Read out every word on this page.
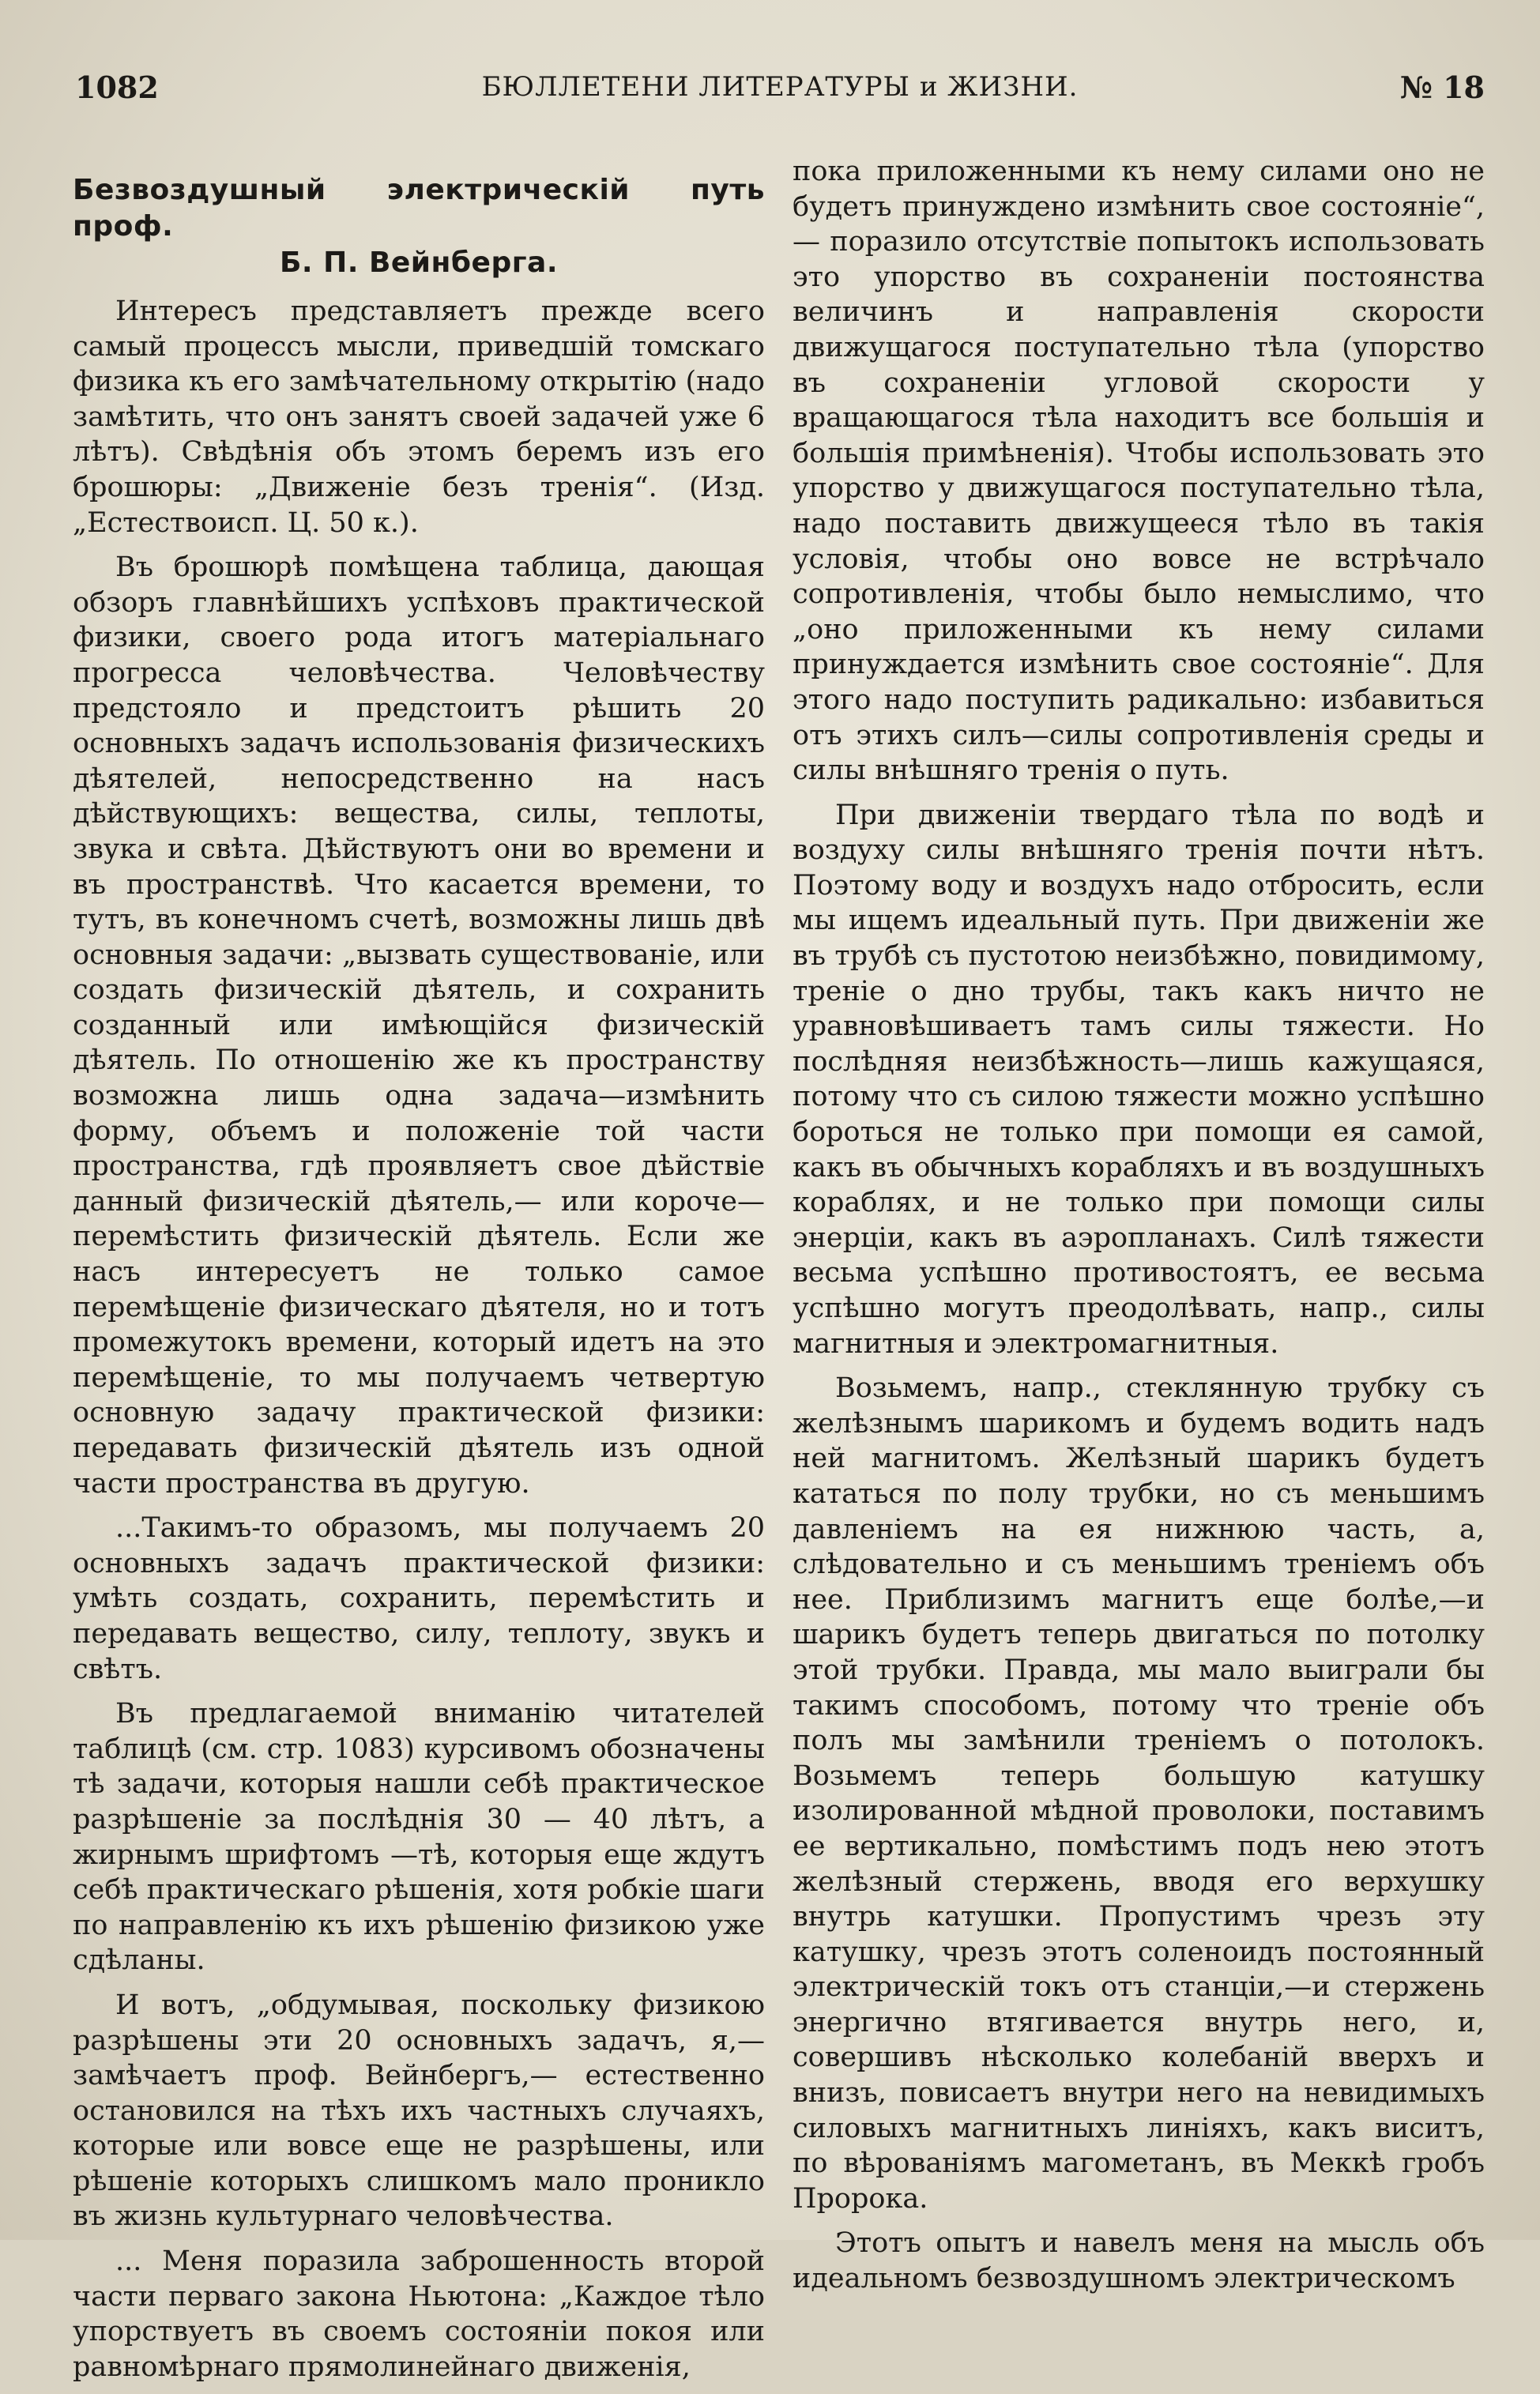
1082	БЮЛЛЕТЕНИ ЛИТЕРАТУРЫ и ЖИЗНИ.	№ 18
Безвоздушный электрическій путь проф.
Б. П. Вейнберга.

Интересъ представляетъ прежде всего самый процессъ мысли, приведшій томскаго физика къ его замѣчательному открытію (надо замѣтить, что онъ занятъ своей задачей уже 6 лѣтъ). Свѣдѣнія объ этомъ беремъ изъ его брошюры: „Движеніе безъ тренія“. (Изд. „Естествоисп. Ц. 50 к.).

Въ брошюрѣ помѣщена таблица, дающая обзоръ главнѣйшихъ успѣховъ практической физики, своего рода итогъ матеріальнаго прогресса человѣчества. Человѣчеству предстояло и предстоитъ рѣшить 20 основныхъ задачъ использованія физическихъ дѣятелей, непосредственно на насъ дѣйствующихъ: вещества, силы, теплоты, звука и свѣта. Дѣйствуютъ они во времени и въ пространствѣ. Что касается времени, то тутъ, въ конечномъ счетѣ, возможны лишь двѣ основныя задачи: „вызвать существованіе, или создать физическій дѣятель, и сохранить созданный или имѣющійся физическій дѣятель. По отношенію же къ пространству возможна лишь одна задача—измѣнить форму, объемъ и положеніе той части пространства, гдѣ проявляетъ свое дѣйствіе данный физическій дѣятель,— или короче—перемѣстить физическій дѣятель. Если же насъ интересуетъ не только самое перемѣщеніе физическаго дѣятеля, но и тотъ промежутокъ времени, который идетъ на это перемѣщеніе, то мы получаемъ четвертую основную задачу практической физики: передавать физическій дѣятель изъ одной части пространства въ другую.

...Такимъ-то образомъ, мы получаемъ 20 основныхъ задачъ практической физики: умѣть создать, сохранить, перемѣстить и передавать вещество, силу, теплоту, звукъ и свѣтъ.

Въ предлагаемой вниманію читателей таблицѣ (см. стр. 1083) курсивомъ обозначены тѣ задачи, которыя нашли себѣ практическое разрѣшеніе за послѣднія 30 — 40 лѣтъ, а жирнымъ шрифтомъ —тѣ, которыя еще ждутъ себѣ практическаго рѣшенія, хотя робкіе шаги по направленію къ ихъ рѣшенію физикою уже сдѣланы.

И вотъ, „обдумывая, поскольку физикою разрѣшены эти 20 основныхъ задачъ, я,—замѣчаетъ проф. Вейнбергъ,— естественно остановился на тѣхъ ихъ частныхъ случаяхъ, которые или вовсе еще не разрѣшены, или рѣшеніе которыхъ слишкомъ мало проникло въ жизнь культурнаго человѣчества.

... Меня поразила заброшенность второй части перваго закона Ньютона: „Каждое тѣло упорствуетъ въ своемъ состояніи покоя или равномѣрнаго прямолинейнаго движенія,

пока приложенными къ нему силами оно не будетъ принуждено измѣнить свое состояніе“,— поразило отсутствіе попытокъ использовать это упорство въ сохраненіи постоянства величинъ и направленія скорости движущагося поступательно тѣла (упорство въ сохраненіи угловой скорости у вращающагося тѣла находитъ все большія и большія примѣненія). Чтобы использовать это упорство у движущагося поступательно тѣла, надо поставить движущееся тѣло въ такія условія, чтобы оно вовсе не встрѣчало сопротивленія, чтобы было немыслимо, что „оно приложенными къ нему силами принуждается измѣнить свое состояніе“. Для этого надо поступить радикально: избавиться отъ этихъ силъ—силы сопротивленія среды и силы внѣшняго тренія о путь.

При движеніи твердаго тѣла по водѣ и воздуху силы внѣшняго тренія почти нѣтъ. Поэтому воду и воздухъ надо отбросить, если мы ищемъ идеальный путь. При движеніи же въ трубѣ съ пустотою неизбѣжно, повидимому, треніе о дно трубы, такъ какъ ничто не уравновѣшиваетъ тамъ силы тяжести. Но послѣдняя неизбѣжность—лишь кажущаяся, потому что съ силою тяжести можно успѣшно бороться не только при помощи ея самой, какъ въ обычныхъ корабляхъ и въ воздушныхъ кораблях, и не только при помощи силы энерціи, какъ въ аэропланахъ. Силѣ тяжести весьма успѣшно противостоятъ, ее весьма успѣшно могутъ преодолѣвать, напр., силы магнитныя и электромагнитныя.

Возьмемъ, напр., стеклянную трубку съ желѣзнымъ шарикомъ и будемъ водить надъ ней магнитомъ. Желѣзный шарикъ будетъ кататься по полу трубки, но съ меньшимъ давленіемъ на ея нижнюю часть, а, слѣдовательно и съ меньшимъ треніемъ объ нее. Приблизимъ магнитъ еще болѣе,—и шарикъ будетъ теперь двигаться по потолку этой трубки. Правда, мы мало выиграли бы такимъ способомъ, потому что треніе объ полъ мы замѣнили треніемъ о потолокъ. Возьмемъ теперь большую катушку изолированной мѣдной проволоки, поставимъ ее вертикально, помѣстимъ подъ нею этотъ желѣзный стержень, вводя его верхушку внутрь катушки. Пропустимъ чрезъ эту катушку, чрезъ этотъ соленоидъ постоянный электрическій токъ отъ станціи,—и стержень энергично втягивается внутрь него, и, совершивъ нѣсколько колебаній вверхъ и внизъ, повисаетъ внутри него на невидимыхъ силовыхъ магнитныхъ линіяхъ, какъ виситъ, по вѣрованіямъ магометанъ, въ Меккѣ гробъ Пророка.

Этотъ опытъ и навелъ меня на мысль объ идеальномъ безвоздушномъ электрическомъ
